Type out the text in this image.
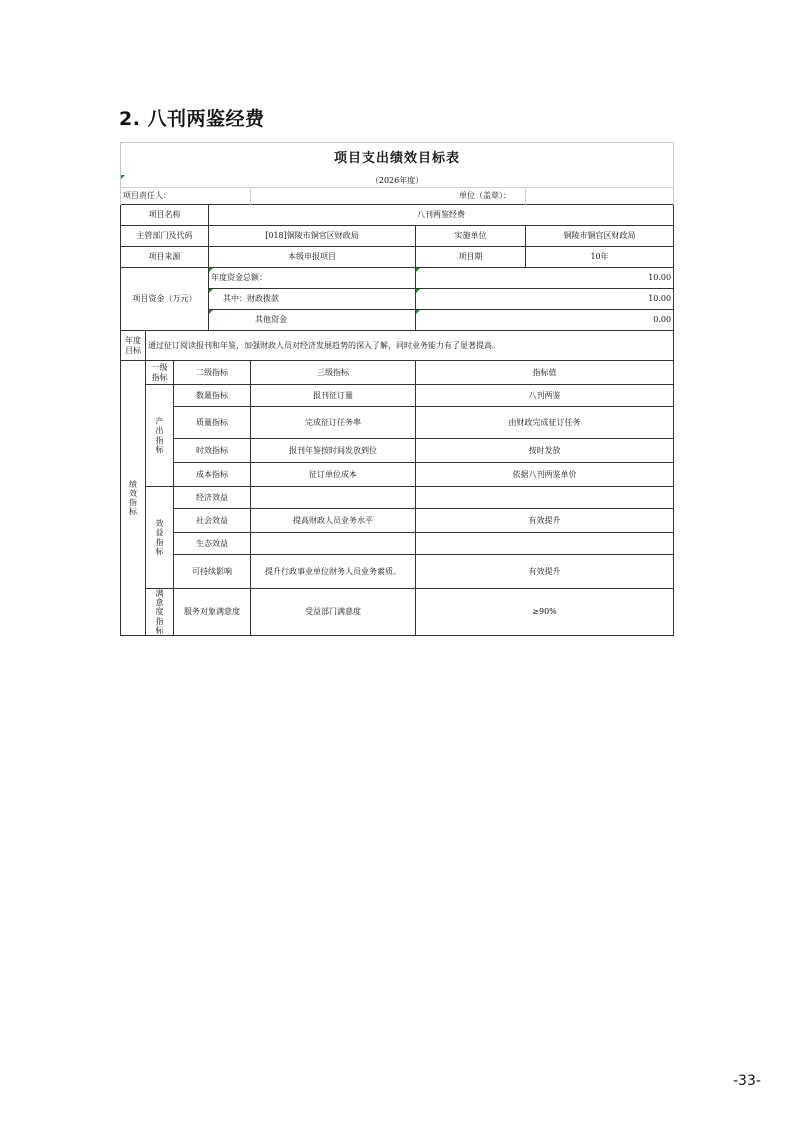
2. 八刊两鉴经费
项目支出绩效目标表						
（2026年度）						
项目责任人：				单位（盖章）：		
项目名称			八刊两鉴经费			
主管部门及代码			[018]铜陵市铜官区财政局		实施单位	铜陵市铜官区财政局
项目来源			本级申报项目		项目期	10年
项目资金（万元）			年度资金总额：		10.00	
			其中：财政拨款		10.00	
			其他资金		0.00	
年度目标	通过征订阅读报刊和年鉴，加强财政人员对经济发展趋势的深入了解，同时业务能力有了显著提高。					
绩效指标	一级指标	二级指标		三级指标	指标值	
	产出指标	数量指标		报刊征订量	八刊两鉴	
		质量指标		完成征订任务率	由财政完成征订任务	
		时效指标		报刊年鉴按时间发放到位	按时发放	
		成本指标		征订单位成本	依据八刊两鉴单价	
	效益指标	经济效益				
		社会效益		提高财政人员业务水平	有效提升	
		生态效益				
		可持续影响		提升行政事业单位财务人员业务素质。	有效提升	
	满意度指标	服务对象满意度		受益部门满意度	≥90%	
-33-
